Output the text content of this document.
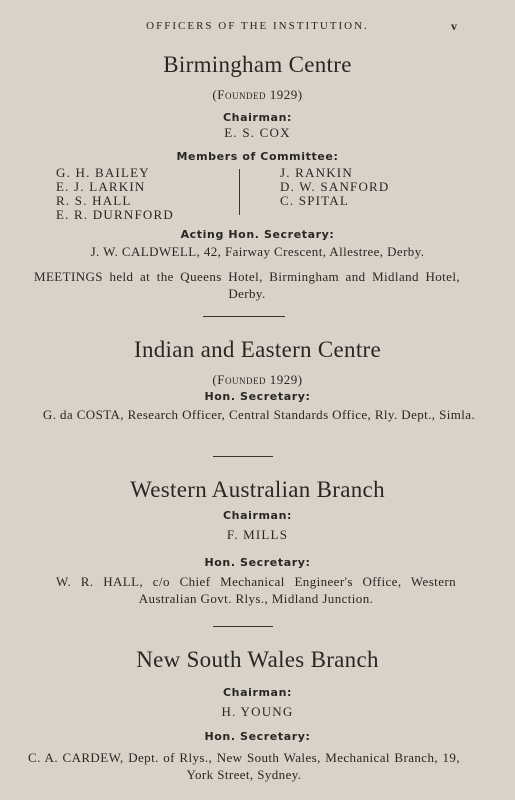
OFFICERS OF THE INSTITUTION.	v
Birmingham Centre
(Founded 1929)
Chairman:
E. S. COX
Members of Committee:
G. H. BAILEY
E. J. LARKIN
R. S. HALL
E. R. DURNFORD
J. RANKIN
D. W. SANFORD
C. SPITAL
Acting Hon. Secretary:
J. W. CALDWELL, 42, Fairway Crescent, Allestree, Derby.
MEETINGS held at the Queens Hotel, Birmingham and Midland Hotel, Derby.
Indian and Eastern Centre
(Founded 1929)
Hon. Secretary:
G. da COSTA, Research Officer, Central Standards Office, Rly. Dept., Simla.
Western Australian Branch
Chairman:
F. MILLS
Hon. Secretary:
W. R. HALL, c/o Chief Mechanical Engineer's Office, Western Australian Govt. Rlys., Midland Junction.
New South Wales Branch
Chairman:
H. YOUNG
Hon. Secretary:
C. A. CARDEW, Dept. of Rlys., New South Wales, Mechanical Branch, 19, York Street, Sydney.
